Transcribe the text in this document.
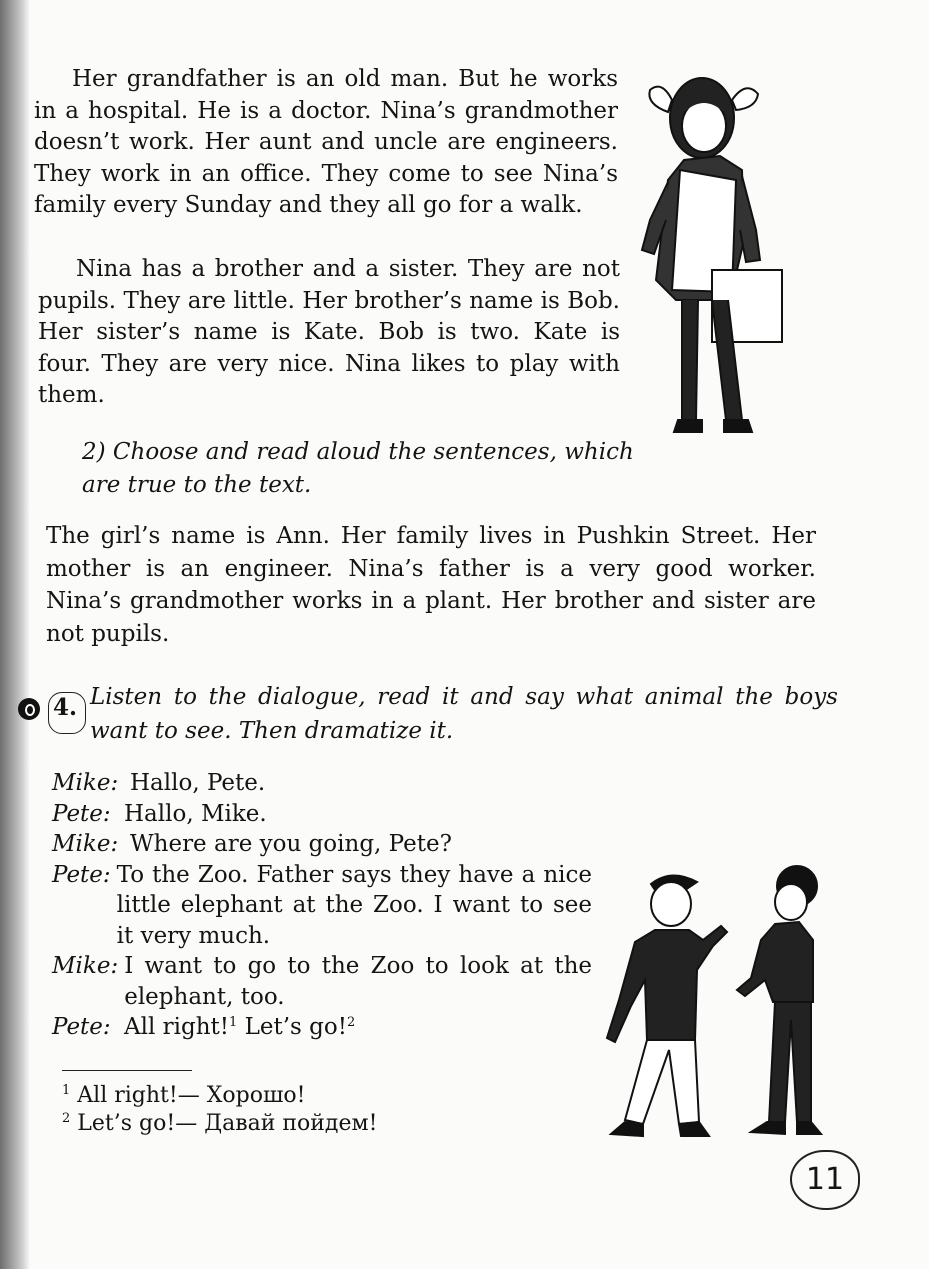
Her grandfather is an old man. But he works in a hospital. He is a doctor. Nina’s grandmother doesn’t work. Her aunt and uncle are engineers. They work in an office. They come to see Nina’s family every Sunday and they all go for a walk.

Nina has a brother and a sister. They are not pupils. They are little. Her brother’s name is Bob. Her sister’s name is Kate. Bob is two. Kate is four. They are very nice. Nina likes to play with them.

2) Choose and read aloud the sentences, which are true to the text.

The girl’s name is Ann. Her family lives in Pushkin Street. Her mother is an engineer. Nina’s father is a very good worker. Nina’s grandmother works in a plant. Her brother and sister are not pupils.

4. Listen to the dialogue, read it and say what animal the boys want to see. Then dramatize it.
Mike: Hallo, Pete.
Pete: Hallo, Mike.
Mike: Where are you going, Pete?
Pete: To the Zoo. Father says they have a nice little elephant at the Zoo. I want to see it very much.
Mike: I want to go to the Zoo to look at the elephant, too.
Pete: All right!$^1$ Let’s go!$^2$
$^1$ All right!— Хорошо!
$^2$ Let’s go!— Давай пойдем!
11
